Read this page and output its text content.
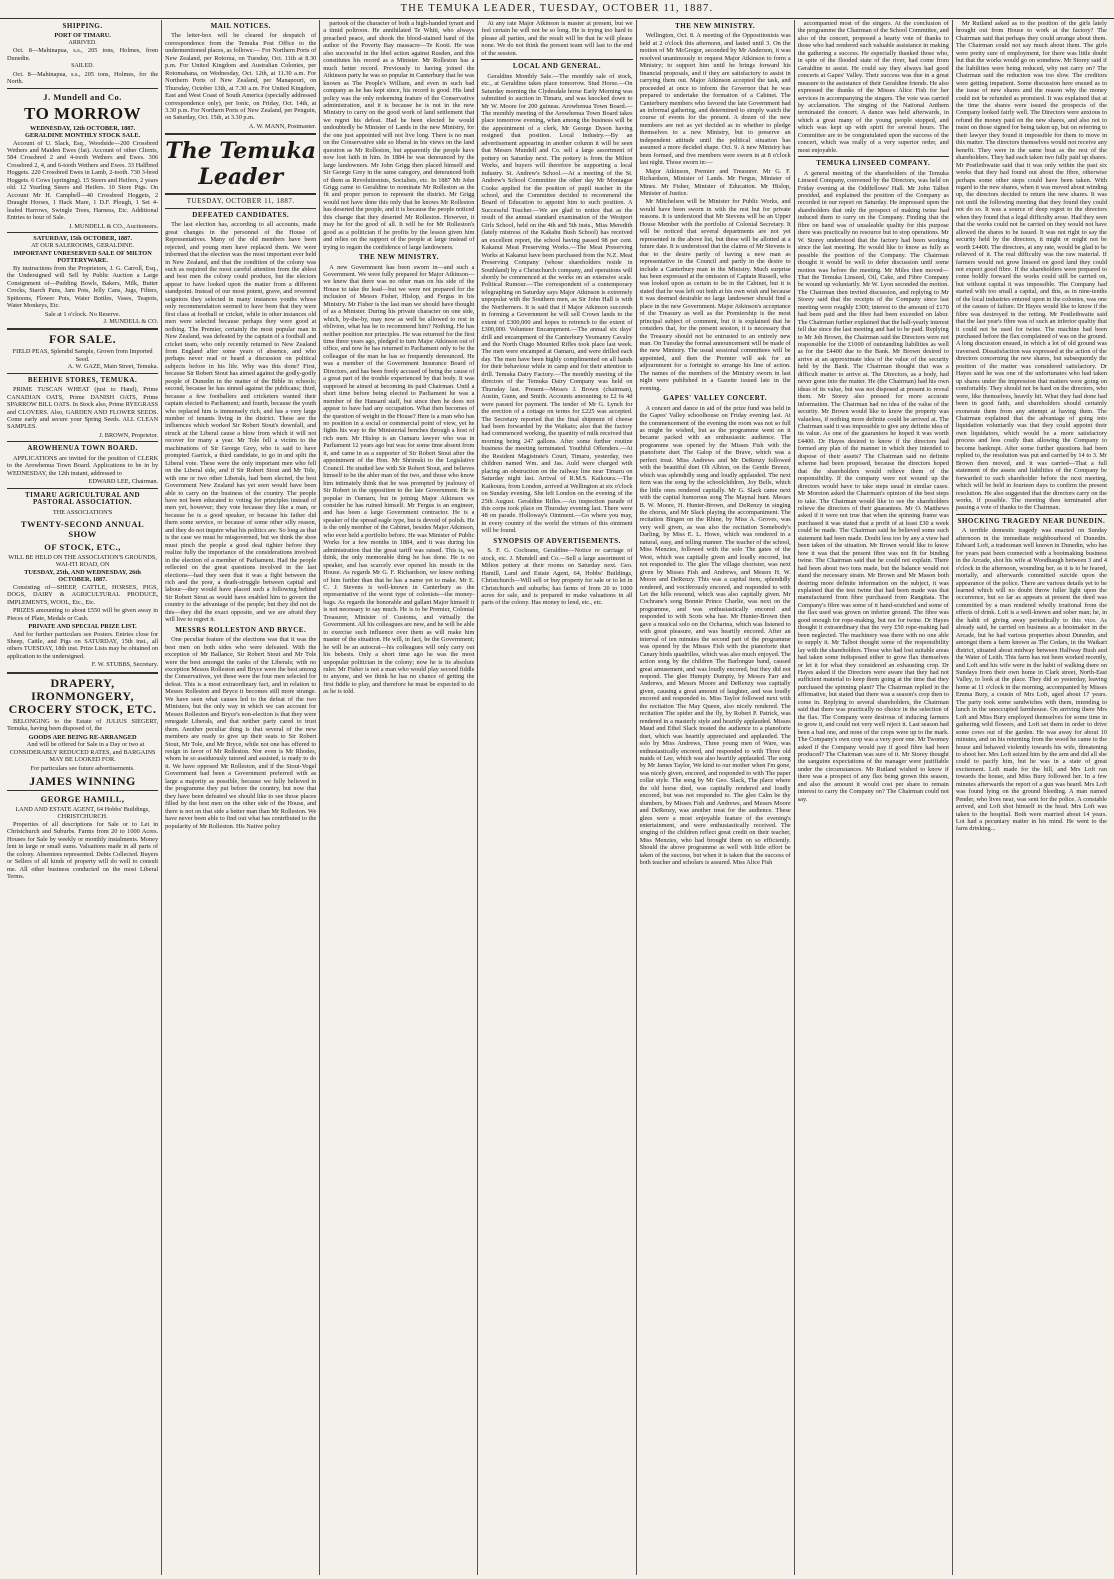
THE TEMUKA LEADER, TUESDAY, OCTOBER 11, 1887.
SHIPPING.
PORT OF TIMARU.
ARRIVED.

Oct. 8—Mahinapua, s.s., 205 tons, Holmes, from Dunedin.

SAILED.

Oct. 8—Mahinapua, s.s., 205 tons, Holmes, for the North.

J. Mundell and Co.
TO MORROW
WEDNESDAY, 12th OCTOBER, 1887.
GERALDINE MONTHLY STOCK SALE.

Account of U. Slack, Esq., Woodside—200 Crossbred Wethers and Maiden Ewes (fat). Account of other Clients, 584 Crossbred 2 and 4-tooth Wethers and Ewes. 306 Crossbred 2, 4, and 6-tooth Wethers and Ewes. 33 Halfbred Hoggets. 220 Crossbred Ewes in Lamb, 2-tooth. 730 3-bred Hoggets. 6 Cows (springing). 15 Steers and Heifers, 2 years old. 12 Yearling Steers and Heifers. 10 Store Pigs. On Account Mr H. Campbell—40 Crossbred Hoggets, 2 Draught Horses, 1 Hack Mare, 1 D.F. Plough, 1 Set 4-leafed Harrows, Swingle Trees, Harness, Etc. Additional Entries to hour of Sale.

J. MUNDELL & CO., Auctioneers.
SATURDAY, 15th OCTOBER, 1887.
AT OUR SALEROOMS, GERALDINE.
IMPORTANT UNRESERVED SALE OF MILTON POTTERYWARE.

By instructions from the Proprietors, J. G. Carroll, Esq., the Undersigned will Sell by Public Auction a Large Consignment of—Pudding Bowls, Bakers, Milk, Butter Crocks, Starch Pans, Jam Pots, Jelly Cans, Jugs, Filters, Spittoons, Flower Pots, Water Bottles, Vases, Teapots, Water Monkeys, Etc.

Sale at 1 o'clock. No Reserve.
J. MUNDELL & CO.
FOR SALE.
FIELD PEAS, Splendid Sample, Grown from Imported Seed.
A. W. GAZE, Main Street, Temuka.
BEEHIVE STORES, TEMUKA.

PRIME TUSCAN WHEAT (just to Hand), Prime CANADIAN OATS, Prime DANISH OATS, Prime SPARROW BILL OATS. In Stock also, Prime RYEGRASS and CLOVERS. Also, GARDEN AND FLOWER SEEDS. Come early and secure your Spring Seeds. ALL CLEAN SAMPLES.

J. BROWN, Proprietor.
AROWHENUA TOWN BOARD.

APPLICATIONS are invited for the position of CLERK to the Arowhenua Town Board. Applications to be in by WEDNESDAY, the 12th instant, addressed to

EDWARD LEE, Chairman.
TIMARU AGRICULTURAL AND PASTORAL ASSOCIATION.
THE ASSOCIATION'S
TWENTY-SECOND ANNUAL SHOW
OF STOCK, ETC.,
WILL BE HELD ON THE ASSOCIATION'S GROUNDS, WAI-ITI ROAD, ON
TUESDAY, 25th, AND WEDNESDAY, 26th OCTOBER, 1887.

Consisting of—SHEEP, CATTLE, HORSES, PIGS, DOGS, DAIRY & AGRICULTURAL PRODUCE, IMPLEMENTS, WOOL, Etc., Etc.

PRIZES amounting to about £550 will be given away in Pieces of Plate, Medals or Cash.

PRIVATE AND SPECIAL PRIZE LIST.

And for further particulars see Posters. Entries close for Sheep, Cattle, and Pigs on SATURDAY, 15th inst., all others TUESDAY, 18th inst. Prize Lists may be obtained on application to the undersigned.

F. W. STUBBS, Secretary.
DRAPERY, IRONMONGERY, CROCERY STOCK, ETC.

BELONGING to the Estate of JULIUS SIEGERT, Temuka, having been disposed of, the

GOODS ARE BEING RE-ARRANGED

And will be offered for Sale in a Day or two at CONSIDERABLY REDUCED RATES, and BARGAINS MAY BE LOOKED FOR.

For particulars see future advertisements.
JAMES WINNING
GEORGE HAMILL,
LAND AND ESTATE AGENT, 64 Hobbs' Buildings, CHRISTCHURCH.

Properties of all descriptions for Sale or to Let in Christchurch and Suburbs. Farms from 20 to 1000 Acres. Houses for Sale by weekly or monthly instalments. Money lent in large or small sums. Valuations made in all parts of the colony. Absentees represented. Debts Collected. Buyers or Sellers of all kinds of property will do well to consult me. All other business conducted on the most Liberal Terms.

MAIL NOTICES.

The letter-box will be cleared for despatch of correspondence from the Temuka Post Office to the undermentioned places, as follows:— For Northern Ports of New Zealand, per Rotorua, on Tuesday, Oct. 11th at 8.30 p.m. For United Kingdom and Australian Colonies, per Rotomahana, on Wednesday, Oct. 12th, at 11.30 a.m. For Northern Ports of New Zealand, per Manapouri, on Thursday, October 13th, at 7.30 a.m. For United Kingdom, East and West Coast of South America (specially addressed correspondence only), per Ionic, on Friday, Oct. 14th, at 3.30 p.m. For Northern Ports of New Zealand, per Penguin, on Saturday, Oct. 15th, at 3.30 p.m.

A. W. MANN, Postmaster.
The Temuka Leader
TUESDAY, OCTOBER 11, 1887.
DEFEATED CANDIDATES.

The last election has, according to all accounts, made great changes in the personnel of the House of Representatives. Many of the old members have been rejected, and young men have replaced them. We were informed that the election was the most important ever held in New Zealand, and that the condition of the colony was such as required the most careful attention from the ablest and best men the colony could produce, but the electors appear to have looked upon the matter from a different standpoint. Instead of our most potent, grave, and reverend seigniors they selected in many instances youths whose only recommendation seemed to have been that they were first class at football or cricket, while in other instances old men were selected because perhaps they were good at nothing. The Premier, certainly the most popular man in New Zealand, was defeated by the captain of a football and cricket team, who only recently returned to New Zealand from England after some years of absence, and who perhaps never read or heard a discussion on political subjects before in his life. Why was this done? First, because Sir Robert Stout has aimed against the godly-godly people of Dunedin in the matter of the Bible in schools; second, because he has sinned against the publicans; third, because a few footballers and cricketers wanted their captain elected to Parliament; and fourth, because the youth who replaced him is immensely rich, and has a very large number of tenants living in the district. These are the influences which worked Sir Robert Stout's downfall, and struck at the Liberal cause a blow from which it will not recover for many a year. Mr Tole fell a victim to the machinations of Sir George Grey, who is said to have prompted Garrick, a third candidate, to go in and split the Liberal vote. These were the only important men who fell on the Liberal side, and if Sir Robert Stout and Mr Tole, with one or two other Liberals, had been elected, the best Government New Zealand has yet seen would have been able to carry on the business of the country. The people have not been educated to voting for principles instead of men yet, however; they vote because they like a man, or because he is a good speaker, or because his father did them some service, or because of some other silly reason, and they do not inquire what his politics are. So long as that is the case we must be misgoverned, but we think the shoe must pinch the people a good deal tighter before they realize fully the importance of the considerations involved in the election of a member of Parliament. Had the people reflected on the great questions involved in the last elections—had they seen that it was a fight between the rich and the poor, a death-struggle between capital and labour—they would have placed such a following behind Sir Robert Stout as would have enabled him to govern the country to the advantage of the people; but they did not do this—they did the exact opposite, and we are afraid they will live to regret it.

MESSRS ROLLESTON AND BRYCE.

One peculiar feature of the elections was that it was the best men on both sides who were defeated. With the exception of Mr Ballance, Sir Robert Stout and Mr Tole were the best amongst the ranks of the Liberals; with no exception Messrs Rolleston and Bryce were the best among the Conservatives, yet these were the four men selected for defeat. This is a most extraordinary fact, and in relation to Messrs Rolleston and Bryce it becomes still more strange. We have seen what causes led to the defeat of the two Ministers, but the only way in which we can account for Messrs Rolleston and Bryce's non-election is that they were renegade Liberals, and that neither party cared to trust them. Another peculiar thing is that several of the new members are ready to give up their seats to Sir Robert Stout, Mr Tole, and Mr Bryce, while not one has offered to resign in favor of Mr Rolleston. Nor even is Mr Rhodes, whom he so assiduously tutored and assisted, is ready to do it. We have opposed Mr Rolleston, and if the Stout-Vogel Government had been a Government preferred with as large a majority as possible, because we fully believed in the programme they put before the country, but now that they have been defeated we should like to see those places filled by the best men on the other side of the House, and there is not on that side a better man than Mr Rolleston. We have never been able to find out what has contributed to the popularity of Mr Rolleston. His Native policy

partook of the character of both a high-handed tyrant and a timid poltroon. He annihilated Te Whiti, who always preached peace, and shook the blood-stained hand of the author of the Poverty Bay massacre—Te Kooti. He was also successful in the libel action against Rusden, and this constitutes his record as a Minister. Mr Rolleston has a much better record. Previously to having joined the Atkinson party he was so popular in Canterbury that he was known as The People's William, and even in such bad company as he has kept since, his record is good. His land policy was the only redeeming feature of the Conservative administration, and it is because he is not in the new Ministry to carry on the good work of land settlement that we regret his defeat. Had he been elected he would undoubtedly be Minister of Lands in the new Ministry, for the one just appointed will not live long. There is no man on the Conservative side so liberal in his views on the land question as Mr Rolleston, but apparently the people have now lost faith in him. In 1884 he was denounced by the large landowners. Mr John Grigg then placed himself and Sir George Grey in the same category, and denounced both of them as Revolutionists, Socialists, etc. In 1887 Mr John Grigg came to Geraldine to nominate Mr Rolleston as the fit and proper person to represent the district. Mr Grigg would not have done this only that he knows Mr Rolleston has deserted the people, and it is because the people noticed this change that they deserted Mr Rolleston. However, it may be for the good of all. It will be for Mr Rolleston's good as a politician if he profits by the lesson given him and relies on the support of the people at large instead of trying to regain the confidence of large landowners.

THE NEW MINISTRY.

A new Government has been sworn in—and such a Government. We were fully prepared for Major Atkinson—we knew that there was no other man on his side of the House to take the lead—but we were not prepared for the inclusion of Messrs Fisher, Hislop, and Fergus in his Ministry. Mr Fisher is the last man we should have thought of as a Minister. During his private character on one side, which, by-the-by, may now as well be allowed to rest in oblivion, what has he to recommend him? Nothing. He has neither position nor principles. He was returned for the first time three years ago, pledged to turn Major Atkinson out of office, and now he has returned to Parliament only to be the colleague of the man he has so frequently denounced. He was a member of the Government Insurance Board of Directors, and has been freely accused of being the cause of a great part of the trouble experienced by that body. It was supposed he aimed at becoming its paid Chairman. Until a short time before being elected to Parliament he was a member of the Hansard staff, but since then he does not appear to have had any occupation. What then becomes of the question of weight in the House? Here is a man who has no position in a social or commercial point of view, yet he fights his way to the Ministerial benches through a host of rich men. Mr Hislop is an Oamaru lawyer who was in Parliament 12 years ago but was for some time absent from it, and came in as a supporter of Sir Robert Stout after the appointment of the Hon. Mr Shrimski to the Legislative Council. He studied law with Sir Robert Stout, and believes himself to be the abler man of the two, and those who know him intimately think that he was prompted by jealousy of Sir Robert in the opposition to the late Government. He is popular in Oamaru, but in joining Major Atkinson we consider he has ruined himself. Mr Fergus is an engineer, and has been a large Government contractor. He is a speaker of the spread eagle type, but is devoid of polish. He is the only member of the Cabinet, besides Major Atkinson, who ever held a portfolio before. He was Minister of Public Works for a few months in 1884, and it was during his administration that the great tariff was raised. This is, we think, the only memorable thing he has done. He is no speaker, and has scarcely ever opened his mouth in the House. As regards Mr G. F. Richardson, we know nothing of him further than that he has a name yet to make. Mr E. C. J. Stevens is well-known in Canterbury as the representative of the worst type of colonists—the money-bags. As regards the honorable and gallant Major himself it is not necessary to say much. He is to be Premier, Colonial Treasurer, Minister of Customs, and virtually the Government. All his colleagues are new, and he will be able to exercise such influence over them as will make him master of the situation. He will, in fact, be the Government; he will be an autocrat—his colleagues will only carry out his behests. Only a short time ago he was the most unpopular politician in the colony; now he is its absolute ruler. Mr Fisher is not a man who would play second fiddle to anyone, and we think he has no chance of getting the first fiddle to play, and therefore he must be expected to do as he is told.

At any rate Major Atkinson is master at present, but we feel certain he will not be so long. He is trying too hard to please all parties, and the result will be that he will please none. We do not think the present team will last to the end of the session.

LOCAL AND GENERAL.

Geraldine Monthly Sale.—The monthly sale of stock, etc., at Geraldine takes place tomorrow. Stud Horse.—On Saturday morning the Clydesdale horse Early Morning was submitted to auction in Timaru, and was knocked down to Mr W. Moore for 200 guineas. Arowhenua Town Board.—The monthly meeting of the Arowhenua Town Board takes place tomorrow evening, when among the business will be the appointment of a clerk, Mr George Dyson having resigned that position. Local Industry.—By an advertisement appearing in another column it will be seen that Messrs Mundell and Co. sell a large assortment of pottery on Saturday next. The pottery is from the Milton Works, and buyers will therefore be supporting a local industry. St. Andrew's School.—At a meeting of the St. Andrew's School Committee the other day Mr Montague Cooke applied for the position of pupil teacher in the school, and the Committee decided to recommend the Board of Education to appoint him to such position. A Successful Teacher.—We are glad to notice that as the result of the annual standard examination of the Westport Girls School, held on the 4th and 5th insts., Miss Meredith (lately mistress of the Kakahu Bush School) has received an excellent report, the school having passed 98 per cent. Kakanui Meat Preserving Works.—The Meat Preserving Works at Kakanui have been purchased from the N.Z. Meat Preserving Company (whose shareholders reside in Southland) by a Christchurch company, and operations will shortly be commenced at the works on an extensive scale. Political Rumour.—The correspondent of a contemporary telegraphing on Saturday says Major Atkinson is extremely unpopular with the Southern men, as Sir John Hall is with the Northerners. It is said that if Major Atkinson succeeds in forming a Government he will sell Crown lands to the extent of £300,000 and hopes to retrench to the extent of £300,000. Volunteer Encampment.—The annual six days' drill and encampment of the Canterbury Yeomanry Cavalry and the North Otago Mounted Rifles took place last week. The men were encamped at Oamaru, and were drilled each day. The men have been highly complimented on all hands for their behaviour while in camp and for their attention to drill. Temuka Dairy Factory.—The monthly meeting of the directors of the Temuka Dairy Company was held on Thursday last. Present—Messrs J. Brown (chairman), Austin, Gunn, and Smith. Accounts amounting to £2 6s 4d were passed for payment. The tender of Mr G. Lynch for the erection of a cottage on terms for £225 was accepted. The Secretary reported that the final shipment of cheese had been forwarded by the Waikato; also that the factory had commenced working, the quantity of milk received that morning being 247 gallons. After some further routine business the meeting terminated. Youthful Offenders.—At the Resident Magistrate's Court, Timaru, yesterday, two children named Wm. and Jas. Auld were charged with placing an obstruction on the railway line near Timaru on Saturday night last. Arrival of R.M.S. Kaikoura.—The Kaikoura, from London, arrived at Wellington at six o'clock on Sunday evening. She left London on the evening of the 25th August. Geraldine Rifles.—An inspection parade of this corps took place on Thursday evening last. There were 48 on parade. Holloway's Ointment.—Go where you may, in every country of the world the virtues of this ointment will be found.

SYNOPSIS OF ADVERTISEMENTS.

S. F. G. Cochrane, Geraldine—Notice re carriage of stock, etc. J. Mundell and Co.—Sell a large assortment of Milton pottery at their rooms on Saturday next. Geo. Hamill, Land and Estate Agent, 64, Hobbs' Buildings, Christchurch—Will sell or buy property for sale or to let in Christchurch and suburbs; has farms of from 20 to 1000 acres for sale, and is prepared to make valuations in all parts of the colony. Has money to lend, etc., etc.

THE NEW MINISTRY.

Wellington, Oct. 8. A meeting of the Oppositionists was held at 2 o'clock this afternoon, and lasted until 3. On the motion of Mr McGregor, seconded by Mr Anderson, it was resolved unanimously to request Major Atkinson to form a Ministry; to support him until he brings forward his financial proposals, and if they are satisfactory to assist in carrying them out. Major Atkinson accepted the task, and proceeded at once to inform the Governor that he was prepared to undertake the formation of a Cabinet. The Canterbury members who favored the late Government had an informal gathering, and determined to simply watch the course of events for the present. A dozen of the new members are not as yet decided as to whether to pledge themselves to a new Ministry, but to preserve an independent attitude until the political situation has assumed a more decided shape. Oct. 9. A new Ministry has been formed, and five members were sworn in at 8 o'clock last night. Those sworn in:—

Major Atkinson, Premier and Treasurer. Mr G. F. Richardson, Minister of Lands. Mr Fergus, Minister of Mines. Mr Fisher, Minister of Education. Mr Hislop, Minister of Justice.

Mr Mitchelson will be Minister for Public Works, and would have been sworn in with the rest but for private reasons. It is understood that Mr Stevens will be an Upper House Member with the portfolio of Colonial Secretary. It will be noticed that several departments are not yet represented in the above list, but these will be allotted at a future date. It is understood that the claims of Mr Stevens is due to the desire partly of having a new man as representative in the Council and partly in the desire to include a Canterbury man in the Ministry. Much surprise has been expressed at the omission of Captain Russell, who was looked upon as certain to be in the Cabinet, but it is stated that he was left out both at his own wish and because it was deemed desirable no large landowner should find a place in the new Government. Major Atkinson's acceptance of the Treasury as well as the Premiership is the most principal subject of comment, but it is explained that he considers that, for the present session, it is necessary that the Treasury should not be entrusted to an entirely new man. On Tuesday the formal announcement will be made of the new Ministry. The usual sessional committees will be appointed, and then the Premier will ask for an adjournment for a fortnight to arrange his line of action. The names of the members of the Ministry sworn in last night were published in a Gazette issued late in the evening.

GAPES' VALLEY CONCERT.

A concert and dance in aid of the prize fund was held in the Gapes' Valley schoolhouse on Friday evening last. At the commencement of the evening the room was not so full as might be wished, but as the programme went on it became packed with an enthusiastic audience. The programme was opened by the Misses Fish with the pianoforte duet The Galop of the Brave, which was a perfect treat. Miss Andrews and Mr DeRenzy followed with the beautiful duet Oh Albion, on the Gentle Breeze, which was splendidly sung and loudly applauded. The next item was the song by the schoolchildren, Joy Bells, which the little ones rendered capitally. Mr G. Slack came next with the capital humorous song The Maynal bunt. Messrs B. W. Moore, H. Hunter-Brown, and DeRenzy in singing the chorus, and Mr Slack playing the accompaniment. The recitation Bingen on the Rhine, by Miss A. Groves, was very well given, as was also the recitation Somebody's Darling, by Miss E. L. Howe, which was rendered in a natural, easy, and telling manner. The teacher of the school, Miss Menzies, followed with the solo The gates of the West, which was capitally given and loudly encored, but not responded to. The glee The village chorister, was next given by Misses Fish and Andrews, and Messrs H. W. Moore and DeRenzy. This was a capital item, splendidly rendered, and vociferously encored, and responded to with Let the hills resound, which was also capitally given. Mr Cochrane's song Bonnie Prince Charlie, was next on the programme, and was enthusiastically encored and responded to with Scots wha hae. Mr Hunter-Brown then gave a musical solo on the Ocharina, which was listened to with great pleasure, and was heartily encored. After an interval of ten minutes the second part of the programme was opened by the Misses Fish with the pianoforte duet Canary birds quadrilles, which was also much enjoyed. The action song by the children The Barlongue band, caused great amusement, and was loudly encored, but they did not respond. The glee Humpty Dumpty, by Messrs Farr and Andrews, and Messrs Moore and DeRenzy was capitally given, causing a great amount of laughter, and was loudly encored and responded to. Miss Taylor followed next with the recitation The May Queen, also nicely rendered. The recitation The spider and the fly, by Robert P. Patrick, was rendered in a masterly style and heartily applauded. Misses Maud and Ethel Slack treated the audience to a pianoforte duet, which was heartily appreciated and applauded. The solo by Miss Andrews, Three young men of Ware, was enthusiastically encored, and responded to with Three old maids of Lee, which was also heartily applauded. The song by Mr James Taylor, We kind to our mother when I'm gone, was nicely given, encored, and responded to with The paper collar style. The song by Mr Geo. Slack, The place where the old horse died, was capitally rendered and loudly encored, but was not responded to. The glee Calm be thy slumbers, by Misses Fish and Andrews, and Messrs Moore and DeRenzy, was another treat for the audience. These glees were a most enjoyable feature of the evening's entertainment, and were enthusiastically received. The singing of the children reflect great credit on their teacher, Miss Menzies, who had brought them on so efficiently. Should the above programme as well with little effort be taken of the success, but when it is taken that the success of both teacher and scholars is assured. Miss Alice Fish

accompanied most of the singers. At the conclusion of the programme the Chairman of the School Committee, and also of the concert, proposed a hearty vote of thanks to those who had rendered such valuable assistance in making the gathering a success. He especially thanked those who, in spite of the flooded state of the river, had come from Geraldine to assist. He could say they always had good concerts at Gapes' Valley. Their success was due in a great measure to the assistance of their Geraldine friends. He also expressed the thanks of the Misses Alice Fish for her services in accompanying the singers. The vote was carried by acclamation. The singing of the National Anthem terminated the concert. A dance was held afterwards, in which a great many of the young people stopped, and which was kept up with spirit for several hours. The Committee are to be congratulated upon the success of the concert, which was really of a very superior order, and most enjoyable.

TEMUKA LINSEED COMPANY.

A general meeting of the shareholders of the Temuka Linseed Company, convened by the Directors, was held on Friday evening at the Oddfellows' Hall. Mr John Talbot presided, and explained the position of the Company as recorded in our report on Saturday. He impressed upon the shareholders that only the prospect of making twine had induced them to carry on the Company. Finding that the fibre on hand was of unsaleable quality for this purpose there was practically no resource but to stop operations. Mr W. Storey understood that the factory had been working since the last meeting. He would like to know as fully as possible the position of the Company. The Chairman thought it would be well to defer discussion until some motion was before the meeting. Mr Miles then moved—That the Temuka Linseed, Oil, Cake, and Fibre Company be wound up voluntarily. Mr W. Lyon seconded the motion. The Chairman then invited discussion, and replying to Mr Storey said that the receipts of the Company since last meeting were roughly £300; interest to the amount of £170 had been paid and the fibre had been exceeded on labor. The Chairman further explained that the half-yearly interest fell due since the last meeting and had to be paid. Replying to Mr Job Brown, the Chairman said the Directors were not responsible for the £1000 of outstanding liabilities as well as for the £4400 due to the Bank. Mr Brown desired to arrive at an approximate idea of the value of the security held by the Bank. The Chairman thought that was a difficult matter to arrive at. The Directors, as a body, had never gone into the matter. He (the Chairman) had his own ideas of its value, but was not disposed at present to reveal them. Mr Storey also pressed for more accurate information. The Chairman had no idea of the value of the security. Mr Brown would like to know the property was valueless, if nothing more definite could be arrived at. The Chairman said it was impossible to give any definite idea of its value. As one of the guarantors he hoped it was worth £4400. Dr Hayes desired to know if the directors had formed any plan of the manner in which they intended to dispose of their assets? The Chairman said no definite scheme had been proposed, because the directors hoped that the shareholders would relieve them of the responsibility. If the company were not wound up the directors would have to take steps usual in similar cases. Mr Moreton asked the Chairman's opinion of the best steps to take. The Chairman would like to see the shareholders relieve the directors of their guarantees. Mr O. Matthews asked if it were not true that when the spinning frame was purchased it was stated that a profit of at least £30 a week could be made. The Chairman said he believed some such statement had been made. Doubt less too by any a view had been taken of the situation. Mr Brown would like to know how it was that the present fibre was not fit for binding twine. The Chairman said that he could not explain. There had been about two tons made, but the balance would not stand the necessary strain. Mr Brown and Mr Mason both desiring more definite information on the subject, it was explained that the test twine that had been made was that manufactured from fibre purchased from Rangitata. The Company's fibre was some of it hand-scutched and some of the flax used was grown on inferior ground. The fibre was good enough for rope-making, but not for twine. Dr Hayes thought it extraordinary that the very £50 rope-making had been neglected. The machinery was there with no one able to supply it. Mr Talbot thought some of the responsibility lay with the shareholders. Those who had lost suitable areas had taken some indisposed either to grow flax themselves or let it for what they considered an exhausting crop. Dr Hayes asked if the Directors were aware that they had not sufficient material to keep them going at the time that they purchased the spinning plant? The Chairman replied in the affirmative, but stated that there was a season's crop then to come in. Replying to several shareholders, the Chairman said that there was practically no choice in the selection of the flax. The Company were desirous of inducing farmers to grow it, and could not very well reject it. Last season had been a bad one, and none of the crops were up to the mark. The Company's own crop was a very poor one. Mr Twomey asked if the Company would pay if good fibre had been produced? The Chairman was sure of it. Mr Storey thought the sanguine expectations of the manager were justifiable under the circumstances. Mr Rutland wished to know if there was a prospect of any flax being grown this season, and also the amount it would cost per share to remain interest to carry the Company on? The Chairman could not say.

Mr Rutland asked as to the position of the girls lately brought out from House to work at the factory? The Chairman said that perhaps they could arrange about them. The Chairman could not say much about them. The girls were pretty sure of employment, for there was little doubt but that the works would go on somehow. Mr Storey said if the liabilities were being reduced, why not carry on? The Chairman said the reduction was too slow. The creditors were getting impatient. Some discussion here ensued as to the issue of new shares and the reason why the money could not be refunded as promised. It was explained that at the time the shares were issued the prospects of the Company looked fairly well. The Directors were anxious to refund the money paid on the new shares, and also not to insist on those signed for being taken up, but on referring to their lawyer they found it impossible for them to move in this matter. The directors themselves would not receive any benefit. They were in the same boat as the rest of the shareholders. They had each taken two fully paid up shares. Mr Postlethwaite said that it was only within the past six weeks that they had found out about the fibre, otherwise perhaps some other steps could have been taken. With regard to the new shares, when it was moved about winding up, the directors decided to return the new shares. It was not until the following meeting that they found they could not do so. It was a source of deep regret to the directors when they found that a legal difficulty arose. Had they seen that the works could not be carried on they would not have allowed the shares to be issued. It was not right to say the security held by the directors, it might or might not be worth £4400. The directors, at any rate, would be glad to be relieved of it. The real difficulty was the raw material. If farmers would not grow linseed on good land they could not expect good fibre. If the shareholders were prepared to come boldly forward the works could still be carried on, but without capital it was impossible. The Company had started with too small a capital, and this, as in nine-tenths of the local industries entered upon in the colonies, was one of the causes of failure. Dr Hayes would like to know if the fibre was destroyed in the retting. Mr Postlethwaite said that the last year's fibre was of such an inferior quality that it could not be used for twine. The machine had been purchased before the flax complained of was on the ground. A long discussion ensued, in which a lot of old ground was traversed. Dissatisfaction was expressed at the action of the directors concerning the new shares, but subsequently the position of the matter was considered satisfactory. Dr Hayes said he was one of the unfortunates who had taken up shares under the impression that matters were going on comfortably. They should not be hard on the directors, who were, like themselves, heavily hit. What they had done had been in good faith, and shareholders should certainly exonerate them from any attempt at having them. The Chairman explained that the advantage of going into liquidation voluntarily was that they could appoint their own liquidators, which would be a more satisfactory process and less costly than allowing the Company to become bankrupt. After some further questions had been replied to, the resolution was put and carried by 14 to 3. Mr Brown then moved, and it was carried—That a full statement of the assets and liabilities of the Company be forwarded to each shareholder before the next meeting, which will be held in fourteen days to confirm the present resolution. He also suggested that the directors carry on the works, if possible. The meeting then terminated after passing a vote of thanks to the Chairman.

SHOCKING TRAGEDY NEAR DUNEDIN.

A terrible domestic tragedy was enacted on Sunday afternoon in the immediate neighbourhood of Dunedin. Edward Loft, a tradesman well known in Dunedin, who has for years past been connected with a bootmaking business in the Arcade, shot his wife at Woodhaugh between 3 and 4 o'clock in the afternoon, wounding her, as it is to be feared, mortally, and afterwards committed suicide upon the appearance of the police. There are various details yet to be learned which will no doubt throw fuller light upon the occurrence, but so far as appears at present the deed was committed by a man rendered wholly irrational from the effects of drink. Loft is a well-known and sober man; he, in the habit of giving away periodically to this vice. As already said, he carried on business as a bootmaker in the Arcade, but he had various properties about Dunedin, and amongst them a farm known as The Cedars, in the Waikari district, situated about midway between Halfway Bush and the Water of Leith. This farm has not been worked recently, and Loft and his wife were in the habit of walking there on Sundays from their own home in Clark street, North-East Valley, to look at the place. They did so yesterday, leaving home at 11 o'clock in the morning, accompanied by Misses Emma Bury, a cousin of Mrs Loft, aged about 17 years. The party took some sandwiches with them, intending to lunch in the unoccupied farmhouse. On arriving there Mrs Loft and Miss Bury employed themselves for some time in gathering wild flowers, and Loft set them in order to drive some cows out of the garden. He was away for about 10 minutes, and on his returning from the wood he came to the house and behaved violently towards his wife, threatening to shoot her. Mrs Loft seized him by the arm and did all she could to pacify him, but he was in a state of great excitement. Loft made for the hill, and Mrs Loft ran towards the house, and Miss Bury followed her. In a few minutes afterwards the report of a gun was heard. Mrs Loft was found lying on the ground bleeding. A man named Pender, who lives near, was sent for the police. A constable arrived, and Loft shot himself in the head. Mrs Loft was taken to the hospital. Both were married about 14 years. Lot had a pecuniary matter in his mind. He went to the farm drinking...
